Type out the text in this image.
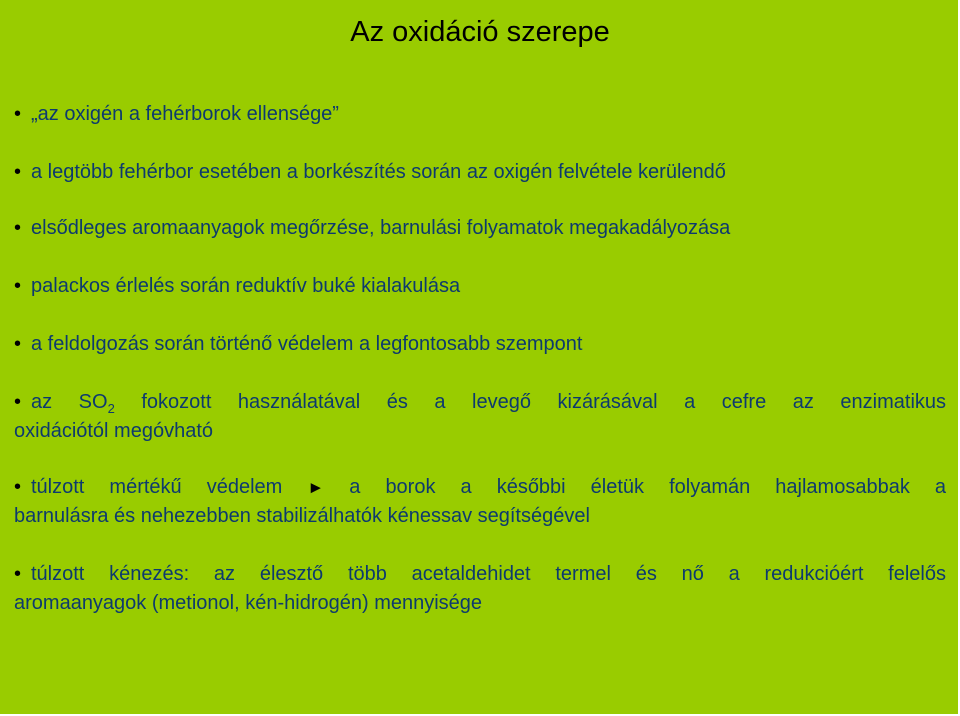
Az oxidáció szerepe
• „az oxigén a fehérborok ellensége”
• a legtöbb fehérbor esetében a borkészítés során az oxigén felvétele kerülendő
• elsődleges aromaanyagok megőrzése, barnulási folyamatok megakadályozása
• palackos érlelés során reduktív buké kialakulása
• a feldolgozás során történő védelem a legfontosabb szempont
• az $SO_2$ fokozott használatával és a levegő kizárásával a cefre az enzimatikus
oxidációtól megóvható
• túlzott mértékű védelem ► a borok a későbbi életük folyamán hajlamosabbak a
barnulásra és nehezebben stabilizálhatók kénessav segítségével
• túlzott kénezés: az élesztő több acetaldehidet termel és nő a redukcióért felelős
aromaanyagok (metionol, kén-hidrogén) mennyisége
